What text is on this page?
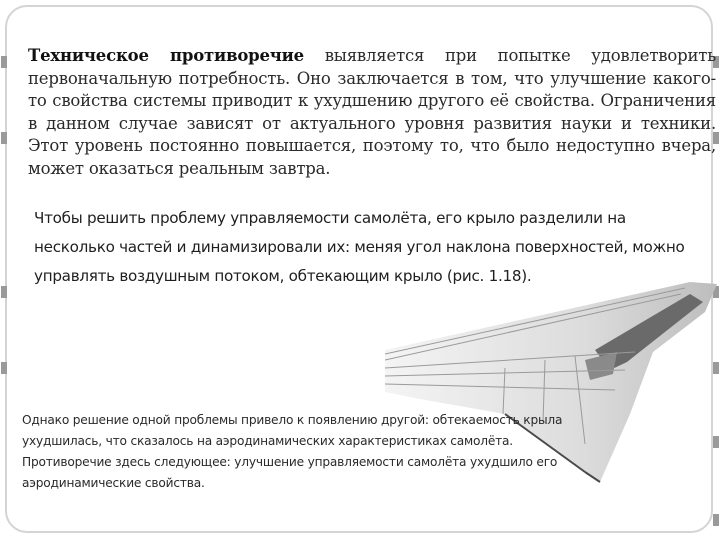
Техническое противоречие выявляется при попытке удовлетворить первоначальную потребность. Оно заключается в том, что улучшение какого-то свойства системы приводит к ухудшению другого её свойства. Ограничения в данном случае зависят от актуального уровня развития науки и техники. Этот уровень постоянно повышается, поэтому то, что было недоступно вчера, может оказаться реальным завтра.
Чтобы решить проблему управляемости самолёта, его крыло разделили на несколько частей и динамизировали их: меняя угол наклона поверхностей, можно управлять воздушным потоком, обтекающим крыло (рис. 1.18).
Однако решение одной проблемы привело к появлению другой: обтекаемость крыла ухудшилась, что сказалось на аэродинамических характеристиках самолёта. Противоречие здесь следующее: улучшение управляемости самолёта ухудшило его аэродинамические свойства.
